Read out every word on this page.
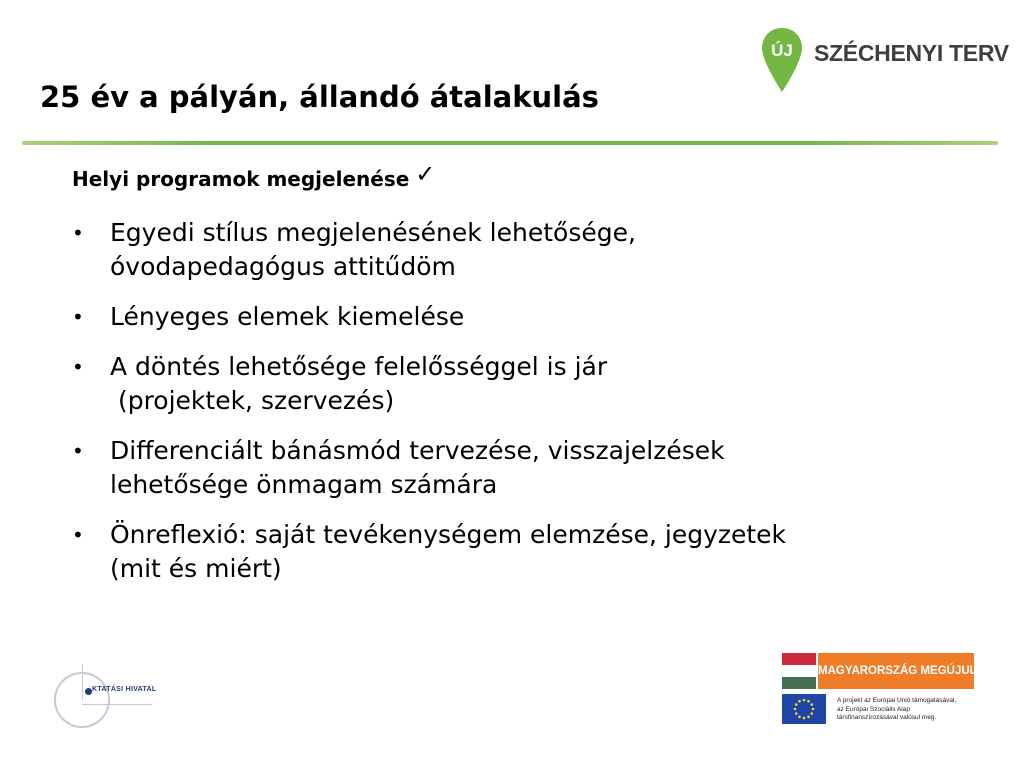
ÚJ SZÉCHENYI TERV
25 év a pályán, állandó átalakulás
Helyi programok megjelenése ✓
• Egyedi stílus megjelenésének lehetősége,
óvodapedagógus attitűdöm
• Lényeges elemek kiemelése
• A döntés lehetősége felelősséggel is jár
(projektek, szervezés)
• Differenciált bánásmód tervezése, visszajelzések
lehetősége önmagam számára
• Önreflexió: saját tevékenységem elemzése, jegyzetek
(mit és miért)
KTATÁSI HIVATAL
MAGYARORSZÁG MEGÚJUL
A projekt az Európai Unió támogatásával,
az Európai Szociális Alap
társfinanszírozásával valósul meg.
